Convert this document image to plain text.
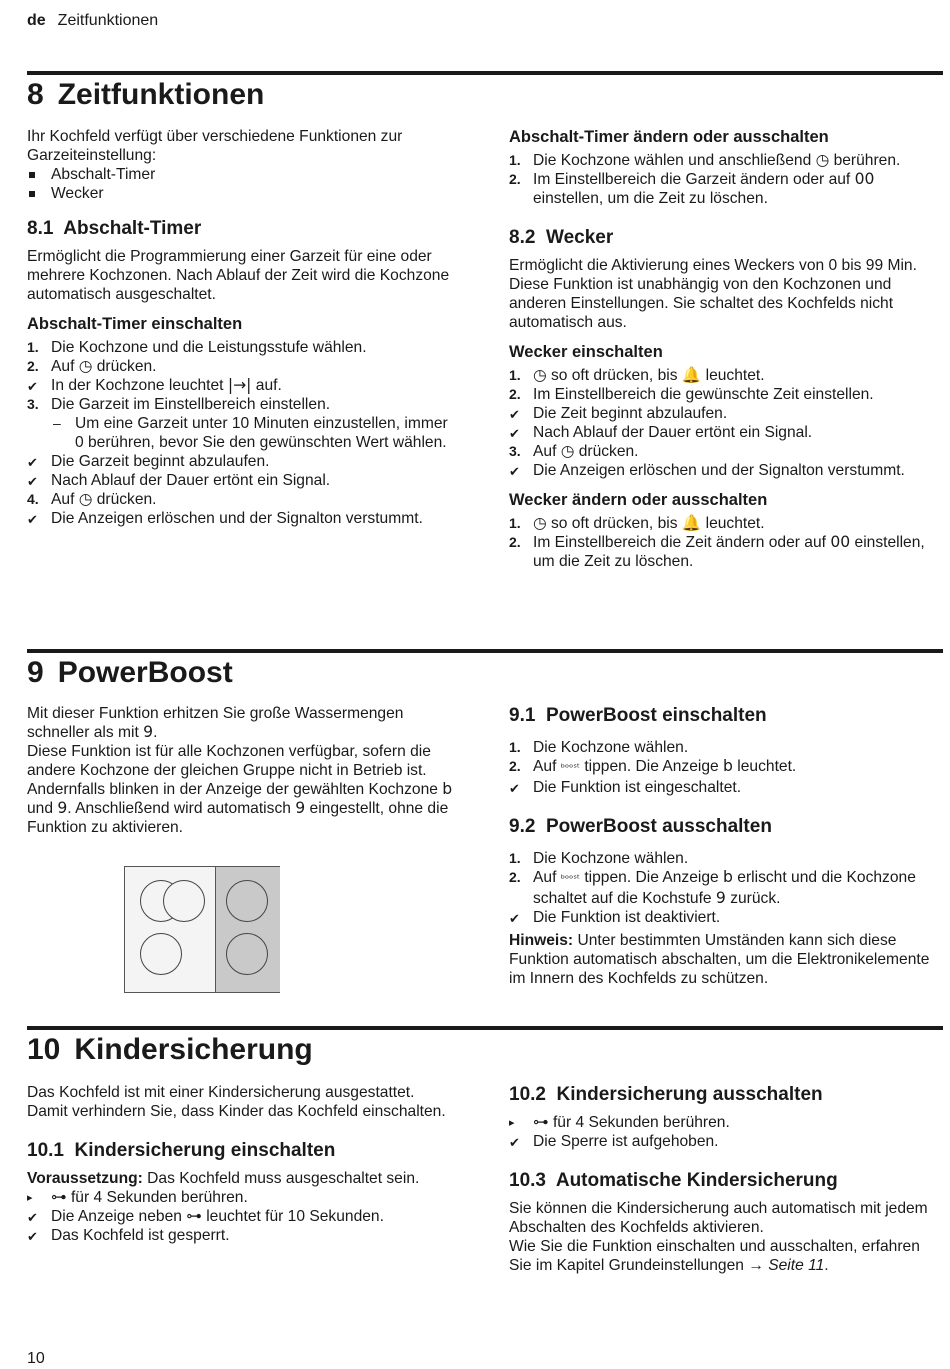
de Zeitfunktionen
8 Zeitfunktionen

Ihr Kochfeld verfügt über verschiedene Funktionen zur Garzeiteinstellung:

Abschalt-Timer
Wecker
8.1 Abschalt-Timer

Ermöglicht die Programmierung einer Garzeit für eine oder mehrere Kochzonen. Nach Ablauf der Zeit wird die Kochzone automatisch ausgeschaltet.

Abschalt-Timer einschalten
1. Die Kochzone und die Leistungsstufe wählen.
2. Auf ◷ drücken.
✔ In der Kochzone leuchtet |→| auf.
3. Die Garzeit im Einstellbereich einstellen.
– Um eine Garzeit unter 10 Minuten einzustellen, immer 0 berühren, bevor Sie den gewünschten Wert wählen.
✔ Die Garzeit beginnt abzulaufen.
✔ Nach Ablauf der Dauer ertönt ein Signal.
4. Auf ◷ drücken.
✔ Die Anzeigen erlöschen und der Signalton verstummt.
Abschalt-Timer ändern oder ausschalten
1. Die Kochzone wählen und anschließend ◷ berühren.
2. Im Einstellbereich die Garzeit ändern oder auf 00 einstellen, um die Zeit zu löschen.
8.2 Wecker

Ermöglicht die Aktivierung eines Weckers von 0 bis 99 Min. Diese Funktion ist unabhängig von den Kochzonen und anderen Einstellungen. Sie schaltet des Kochfelds nicht automatisch aus.

Wecker einschalten
1. ◷ so oft drücken, bis 🔔 leuchtet.
2. Im Einstellbereich die gewünschte Zeit einstellen.
✔ Die Zeit beginnt abzulaufen.
✔ Nach Ablauf der Dauer ertönt ein Signal.
3. Auf ◷ drücken.
✔ Die Anzeigen erlöschen und der Signalton verstummt.
Wecker ändern oder ausschalten
1. ◷ so oft drücken, bis 🔔 leuchtet.
2. Im Einstellbereich die Zeit ändern oder auf 00 einstellen, um die Zeit zu löschen.
9 PowerBoost

Mit dieser Funktion erhitzen Sie große Wassermengen schneller als mit 9.

Diese Funktion ist für alle Kochzonen verfügbar, sofern die andere Kochzone der gleichen Gruppe nicht in Betrieb ist.

Andernfalls blinken in der Anzeige der gewählten Kochzone b und 9. Anschließend wird automatisch 9 eingestellt, ohne die Funktion zu aktivieren.

9.1 PowerBoost einschalten
1. Die Kochzone wählen.
2. Auf ᵇᵒᵒˢᵗ tippen. Die Anzeige b leuchtet.
✔ Die Funktion ist eingeschaltet.
9.2 PowerBoost ausschalten
1. Die Kochzone wählen.
2. Auf ᵇᵒᵒˢᵗ tippen. Die Anzeige b erlischt und die Kochzone schaltet auf die Kochstufe 9 zurück.
✔ Die Funktion ist deaktiviert.

Hinweis: Unter bestimmten Umständen kann sich diese Funktion automatisch abschalten, um die Elektronikelemente im Innern des Kochfelds zu schützen.

10 Kindersicherung

Das Kochfeld ist mit einer Kindersicherung ausgestattet. Damit verhindern Sie, dass Kinder das Kochfeld einschalten.

10.1 Kindersicherung einschalten

Voraussetzung: Das Kochfeld muss ausgeschaltet sein.

▸ ⊶ für 4 Sekunden berühren.
✔ Die Anzeige neben ⊶ leuchtet für 10 Sekunden.
✔ Das Kochfeld ist gesperrt.
10.2 Kindersicherung ausschalten
▸ ⊶ für 4 Sekunden berühren.
✔ Die Sperre ist aufgehoben.
10.3 Automatische Kindersicherung

Sie können die Kindersicherung auch automatisch mit jedem Abschalten des Kochfelds aktivieren.

Wie Sie die Funktion einschalten und ausschalten, erfahren Sie im Kapitel Grundeinstellungen → Seite 11.

10
